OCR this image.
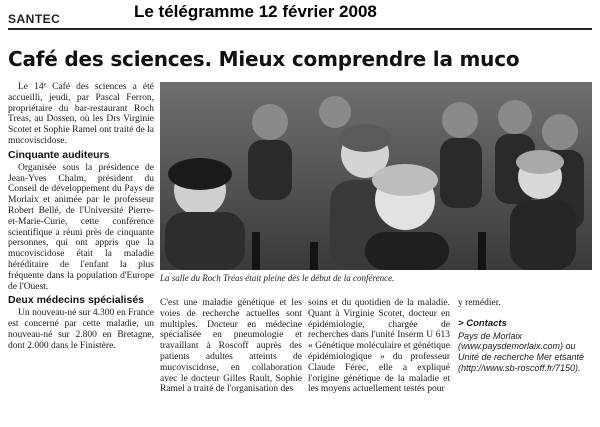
SANTEC	Le télégramme 12 février 2008
Café des sciences. Mieux comprendre la muco

Le 14ᵉ Café des sciences a été accueilli, jeudi, par Pascal Ferron, propriétaire du bar-restaurant Roch Treas, au Dossen, où les Drs Virginie Scotet et Sophie Ramel ont traité de la mucoviscidose.

Cinquante auditeurs

Organisée sous la présidence de Jean-Yves Chalm, président du Conseil de développement du Pays de Morlaix et animée par le professeur Robert Bellé, de l'Université Pierre-et-Marie-Curie, cette conférence scientifique a réuni près de cinquante personnes, qui ont appris que la mucoviscidose était la maladie héréditaire de l'enfant la plus fréquente dans la population d'Europe de l'Ouest.

Deux médecins spécialisés

Un nouveau-né sur 4.300 en France est concerné par cette maladie, un nouveau-né sur 2.800 en Bretagne, dont 2.000 dans le Finistère.

La salle du Roch Tréas était pleine dès le début de la conférence.

C'est une maladie génétique et les voies de recherche actuelles sont multiples. Docteur en médecine spécialisée en pneumologie et travaillant à Roscoff auprès des patients adultes atteints de mucoviscidose, en collaboration avec le docteur Gilles Rault, Sophie Ramel a traité de l'organisation des

soins et du quotidien de la maladie. Quant à Virginie Scotet, docteur en épidémiologie, chargée de recherches dans l'unité Inserm U 613 « Génétique moléculaire et génétique épidémiologique » du professeur Claude Férec, elle a expliqué l'origine génétique de la maladie et les moyens actuellement testés pour

y remédier.

> Contacts
Pays de Morlaix (www.paysdemorlaix.com) ou Unité de recherche Mer etsanté (http://www.sb-roscoff.fr/7150).
